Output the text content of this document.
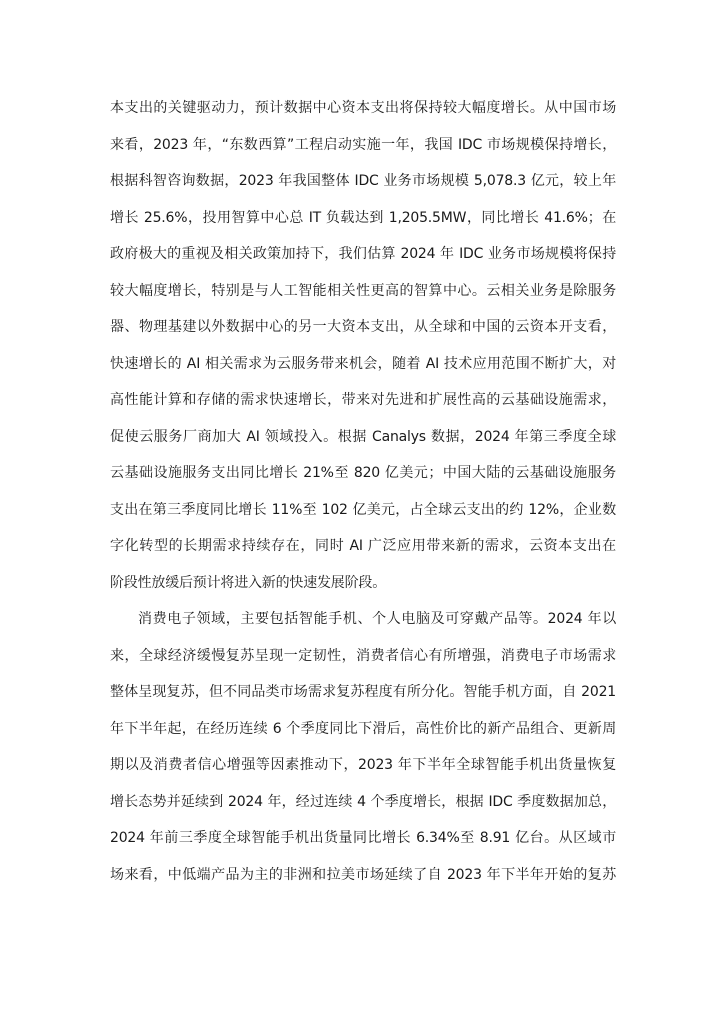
本支出的关键驱动力，预计数据中心资本支出将保持较大幅度增长。从中国市场
来看，2023 年，“东数西算”工程启动实施一年，我国 IDC 市场规模保持增长，
根据科智咨询数据，2023 年我国整体 IDC 业务市场规模 5,078.3 亿元，较上年
增长 25.6%，投用智算中心总 IT 负载达到 1,205.5MW，同比增长 41.6%；在
政府极大的重视及相关政策加持下，我们估算 2024 年 IDC 业务市场规模将保持
较大幅度增长，特别是与人工智能相关性更高的智算中心。云相关业务是除服务
器、物理基建以外数据中心的另一大资本支出，从全球和中国的云资本开支看，
快速增长的 AI 相关需求为云服务带来机会，随着 AI 技术应用范围不断扩大，对
高性能计算和存储的需求快速增长，带来对先进和扩展性高的云基础设施需求，
促使云服务厂商加大 AI 领域投入。根据 Canalys 数据，2024 年第三季度全球
云基础设施服务支出同比增长 21%至 820 亿美元；中国大陆的云基础设施服务
支出在第三季度同比增长 11%至 102 亿美元，占全球云支出的约 12%，企业数
字化转型的长期需求持续存在，同时 AI 广泛应用带来新的需求，云资本支出在
阶段性放缓后预计将进入新的快速发展阶段。

消费电子领域，主要包括智能手机、个人电脑及可穿戴产品等。2024 年以
来，全球经济缓慢复苏呈现一定韧性，消费者信心有所增强，消费电子市场需求
整体呈现复苏，但不同品类市场需求复苏程度有所分化。智能手机方面，自 2021
年下半年起，在经历连续 6 个季度同比下滑后，高性价比的新产品组合、更新周
期以及消费者信心增强等因素推动下，2023 年下半年全球智能手机出货量恢复
增长态势并延续到 2024 年，经过连续 4 个季度增长，根据 IDC 季度数据加总，
2024 年前三季度全球智能手机出货量同比增长 6.34%至 8.91 亿台。从区域市
场来看，中低端产品为主的非洲和拉美市场延续了自 2023 年下半年开始的复苏
